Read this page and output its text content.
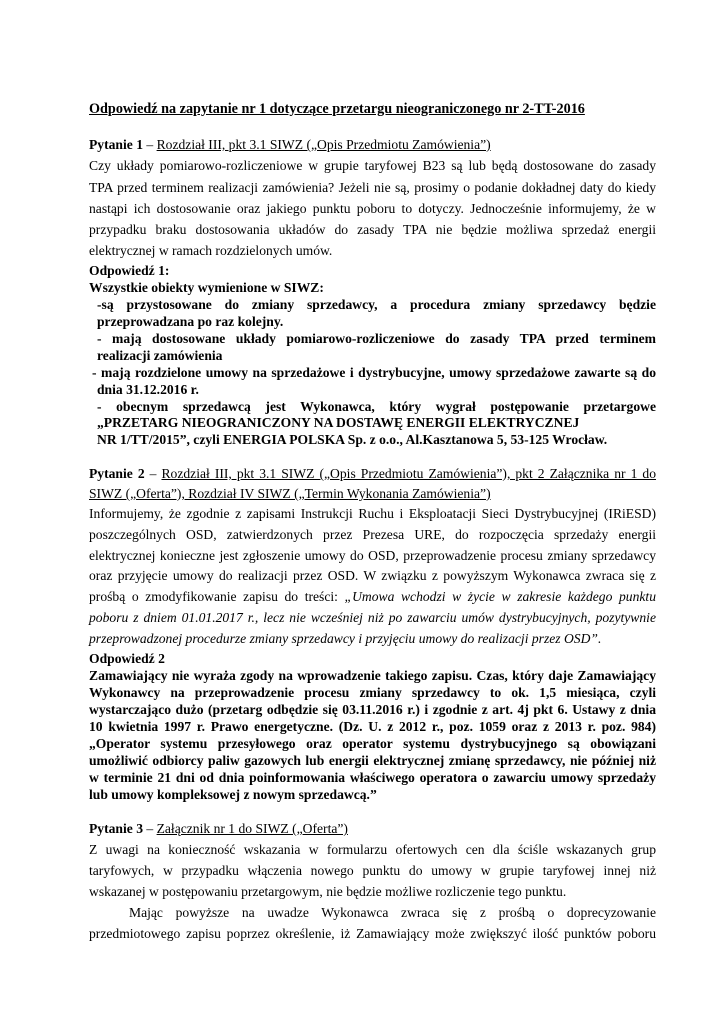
Odpowiedź na zapytanie nr 1 dotyczące przetargu nieograniczonego nr 2-TT-2016
Pytanie 1 – Rozdział III, pkt 3.1 SIWZ („Opis Przedmiotu Zamówienia”)
Czy układy pomiarowo-rozliczeniowe w grupie taryfowej B23 są lub będą dostosowane do zasady
TPA przed terminem realizacji zamówienia? Jeżeli nie są, prosimy o podanie dokładnej daty do kiedy
nastąpi ich dostosowanie oraz jakiego punktu poboru to dotyczy. Jednocześnie informujemy, że w
przypadku braku dostosowania układów do zasady TPA nie będzie możliwa sprzedaż energii
elektrycznej w ramach rozdzielonych umów.
Odpowiedź 1:
Wszystkie obiekty wymienione w SIWZ:
-są przystosowane do zmiany sprzedawcy, a procedura zmiany sprzedawcy będzie
przeprowadzana po raz kolejny.
- mają dostosowane układy pomiarowo-rozliczeniowe do zasady TPA przed terminem
realizacji zamówienia
- mają rozdzielone umowy na sprzedażowe i dystrybucyjne, umowy sprzedażowe zawarte są do
dnia 31.12.2016 r.
- obecnym sprzedawcą jest Wykonawca, który wygrał postępowanie przetargowe
„PRZETARG NIEOGRANICZONY NA DOSTAWĘ ENERGII ELEKTRYCZNEJ
NR 1/TT/2015”, czyli ENERGIA POLSKA Sp. z o.o., Al.Kasztanowa 5, 53-125 Wrocław.
Pytanie 2 – Rozdział III, pkt 3.1 SIWZ („Opis Przedmiotu Zamówienia”), pkt 2 Załącznika nr 1 do
SIWZ („Oferta”), Rozdział IV SIWZ („Termin Wykonania Zamówienia”)
Informujemy, że zgodnie z zapisami Instrukcji Ruchu i Eksploatacji Sieci Dystrybucyjnej (IRiESD)
poszczególnych OSD, zatwierdzonych przez Prezesa URE, do rozpoczęcia sprzedaży energii
elektrycznej konieczne jest zgłoszenie umowy do OSD, przeprowadzenie procesu zmiany sprzedawcy
oraz przyjęcie umowy do realizacji przez OSD. W związku z powyższym Wykonawca zwraca się z
prośbą o zmodyfikowanie zapisu do treści: „Umowa wchodzi w życie w zakresie każdego punktu
poboru z dniem 01.01.2017 r., lecz nie wcześniej niż po zawarciu umów dystrybucyjnych, pozytywnie
przeprowadzonej procedurze zmiany sprzedawcy i przyjęciu umowy do realizacji przez OSD”.
Odpowiedź 2
Zamawiający nie wyraża zgody na wprowadzenie takiego zapisu. Czas, który daje Zamawiający
Wykonawcy na przeprowadzenie procesu zmiany sprzedawcy to ok. 1,5 miesiąca, czyli
wystarczająco dużo (przetarg odbędzie się 03.11.2016 r.) i zgodnie z art. 4j pkt 6. Ustawy z dnia
10 kwietnia 1997 r. Prawo energetyczne. (Dz. U. z 2012 r., poz. 1059 oraz z 2013 r. poz. 984)
„Operator systemu przesyłowego oraz operator systemu dystrybucyjnego są obowiązani
umożliwić odbiorcy paliw gazowych lub energii elektrycznej zmianę sprzedawcy, nie później niż
w terminie 21 dni od dnia poinformowania właściwego operatora o zawarciu umowy sprzedaży
lub umowy kompleksowej z nowym sprzedawcą.”
Pytanie 3 – Załącznik nr 1 do SIWZ („Oferta”)
Z uwagi na konieczność wskazania w formularzu ofertowych cen dla ściśle wskazanych grup
taryfowych, w przypadku włączenia nowego punktu do umowy w grupie taryfowej innej niż
wskazanej w postępowaniu przetargowym, nie będzie możliwe rozliczenie tego punktu.
Mając powyższe na uwadze Wykonawca zwraca się z prośbą o doprecyzowanie
przedmiotowego zapisu poprzez określenie, iż Zamawiający może zwiększyć ilość punktów poboru
